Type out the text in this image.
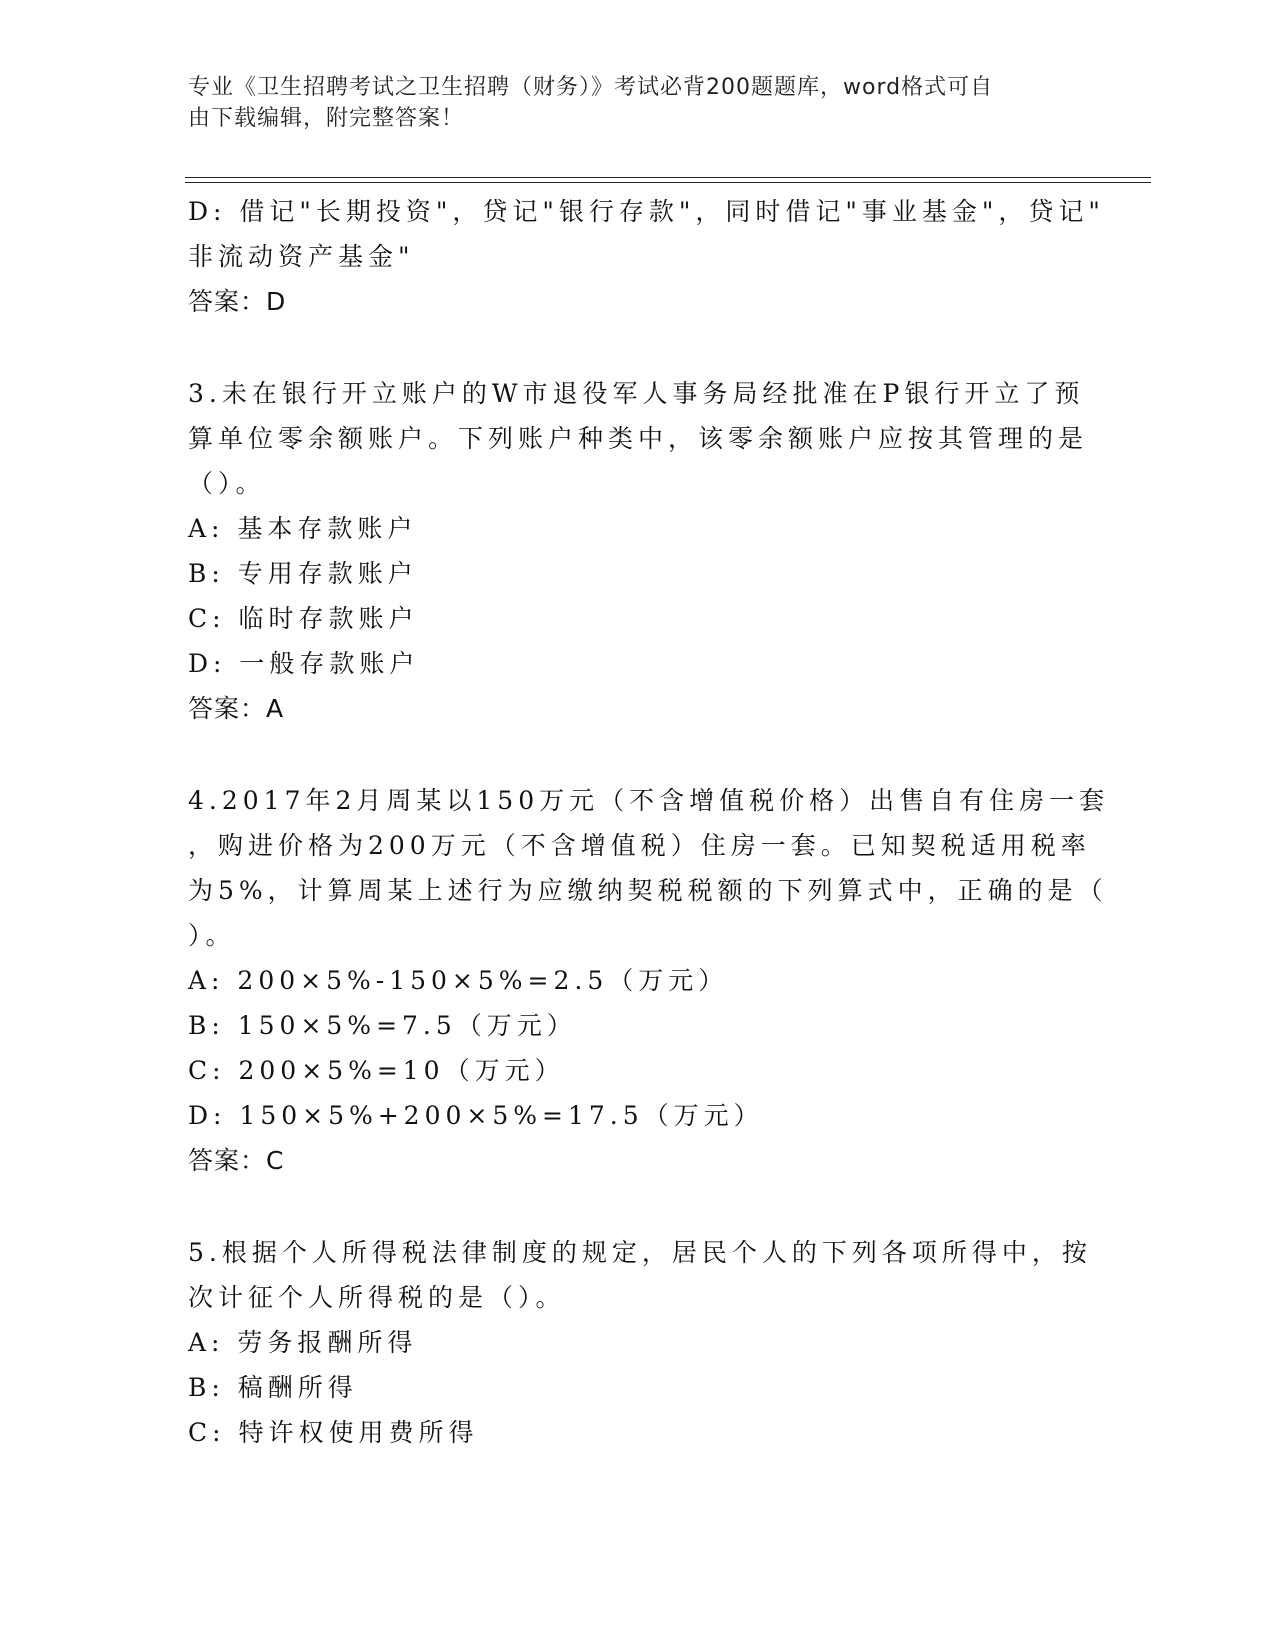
专业《卫生招聘考试之卫生招聘（财务）》考试必背200题题库，word格式可自
由下载编辑，附完整答案！
D: 借记"长期投资"，贷记"银行存款"，同时借记"事业基金"，贷记"
非流动资产基金"
答案：D
3.未在银行开立账户的W市退役军人事务局经批准在P银行开立了预
算单位零余额账户。下列账户种类中，该零余额账户应按其管理的是
（）。
A: 基本存款账户
B: 专用存款账户
C: 临时存款账户
D: 一般存款账户
答案：A
4.2017年2月周某以150万元（不含增值税价格）出售自有住房一套
，购进价格为200万元（不含增值税）住房一套。已知契税适用税率
为5%，计算周某上述行为应缴纳契税税额的下列算式中，正确的是（
）。
A: 200×5%-150×5%=2.5（万元）
B: 150×5%=7.5（万元）
C: 200×5%=10（万元）
D: 150×5%+200×5%=17.5（万元）
答案：C
5.根据个人所得税法律制度的规定，居民个人的下列各项所得中，按
次计征个人所得税的是（）。
A: 劳务报酬所得
B: 稿酬所得
C: 特许权使用费所得
